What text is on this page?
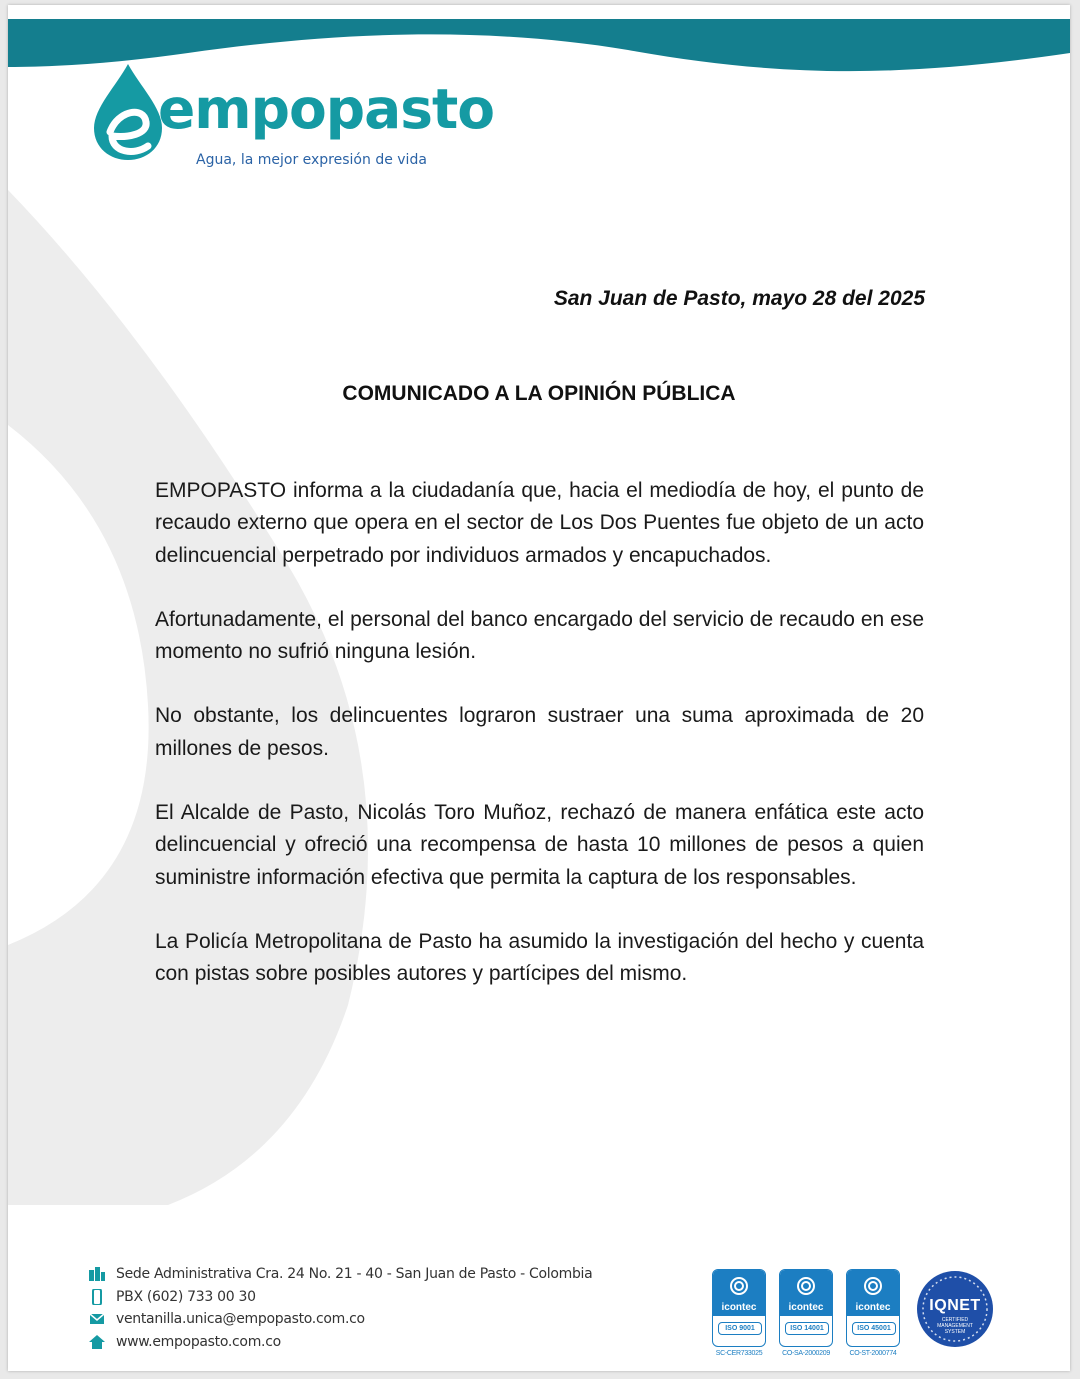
empopasto
Agua, la mejor expresión de vida
San Juan de Pasto, mayo 28 del 2025
COMUNICADO A LA OPINIÓN PÚBLICA

EMPOPASTO informa a la ciudadanía que, hacia el mediodía de hoy, el punto de recaudo externo que opera en el sector de Los Dos Puentes fue objeto de un acto delincuencial perpetrado por individuos armados y encapuchados.

Afortunadamente, el personal del banco encargado del servicio de recaudo en ese momento no sufrió ninguna lesión.

No obstante, los delincuentes lograron sustraer una suma aproximada de 20 millones de pesos.

El Alcalde de Pasto, Nicolás Toro Muñoz, rechazó de manera enfática este acto delincuencial y ofreció una recompensa de hasta 10 millones de pesos a quien suministre información efectiva que permita la captura de los responsables.

La Policía Metropolitana de Pasto ha asumido la investigación del hecho y cuenta con pistas sobre posibles autores y partícipes del mismo.

Sede Administrativa Cra. 24 No. 21 - 40 - San Juan de Pasto - Colombia
PBX (602) 733 00 30
ventanilla.unica@empopasto.com.co
www.empopasto.com.co
icontec
ISO 9001
SC-CER733025
icontec
ISO 14001
CO-SA-2000209
icontec
ISO 45001
CO-ST-2000774
IQNET
CERTIFIED MANAGEMENT SYSTEM
